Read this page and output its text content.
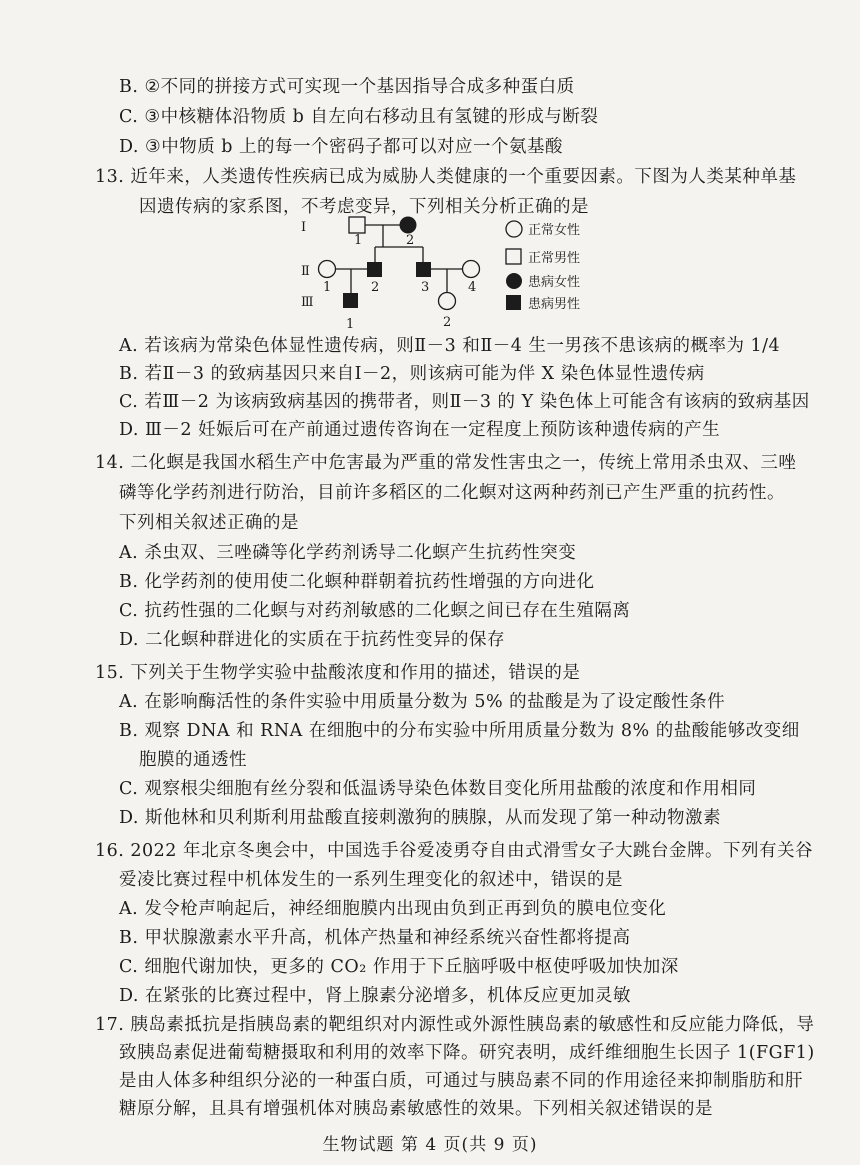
B. ②不同的拼接方式可实现一个基因指导合成多种蛋白质
C. ③中核糖体沿物质 b 自左向右移动且有氢键的形成与断裂
D. ③中物质 b 上的每一个密码子都可以对应一个氨基酸
13. 近年来，人类遗传性疾病已成为威胁人类健康的一个重要因素。下图为人类某种单基
因遗传病的家系图，不考虑变异，下列相关分析正确的是
Ⅰ
Ⅱ
Ⅲ
1	2
1	2	3	4
1	2
正常女性
正常男性
患病女性
患病男性
A. 若该病为常染色体显性遗传病，则Ⅱ－3 和Ⅱ－4 生一男孩不患该病的概率为 1/4
B. 若Ⅱ－3 的致病基因只来自Ⅰ－2，则该病可能为伴 X 染色体显性遗传病
C. 若Ⅲ－2 为该病致病基因的携带者，则Ⅱ－3 的 Y 染色体上可能含有该病的致病基因
D. Ⅲ－2 妊娠后可在产前通过遗传咨询在一定程度上预防该种遗传病的产生
14. 二化螟是我国水稻生产中危害最为严重的常发性害虫之一，传统上常用杀虫双、三唑
磷等化学药剂进行防治，目前许多稻区的二化螟对这两种药剂已产生严重的抗药性。
下列相关叙述正确的是
A. 杀虫双、三唑磷等化学药剂诱导二化螟产生抗药性突变
B. 化学药剂的使用使二化螟种群朝着抗药性增强的方向进化
C. 抗药性强的二化螟与对药剂敏感的二化螟之间已存在生殖隔离
D. 二化螟种群进化的实质在于抗药性变异的保存
15. 下列关于生物学实验中盐酸浓度和作用的描述，错误的是
A. 在影响酶活性的条件实验中用质量分数为 5% 的盐酸是为了设定酸性条件
B. 观察 DNA 和 RNA 在细胞中的分布实验中所用质量分数为 8% 的盐酸能够改变细
胞膜的通透性
C. 观察根尖细胞有丝分裂和低温诱导染色体数目变化所用盐酸的浓度和作用相同
D. 斯他林和贝利斯利用盐酸直接刺激狗的胰腺，从而发现了第一种动物激素
16. 2022 年北京冬奥会中，中国选手谷爱凌勇夺自由式滑雪女子大跳台金牌。下列有关谷
爱凌比赛过程中机体发生的一系列生理变化的叙述中，错误的是
A. 发令枪声响起后，神经细胞膜内出现由负到正再到负的膜电位变化
B. 甲状腺激素水平升高，机体产热量和神经系统兴奋性都将提高
C. 细胞代谢加快，更多的 CO₂ 作用于下丘脑呼吸中枢使呼吸加快加深
D. 在紧张的比赛过程中，肾上腺素分泌增多，机体反应更加灵敏
17. 胰岛素抵抗是指胰岛素的靶组织对内源性或外源性胰岛素的敏感性和反应能力降低，导
致胰岛素促进葡萄糖摄取和利用的效率下降。研究表明，成纤维细胞生长因子 1(FGF1)
是由人体多种组织分泌的一种蛋白质，可通过与胰岛素不同的作用途径来抑制脂肪和肝
生物试题 第 4 页(共 9 页)
糖原分解，且具有增强机体对胰岛素敏感性的效果。下列相关叙述错误的是
